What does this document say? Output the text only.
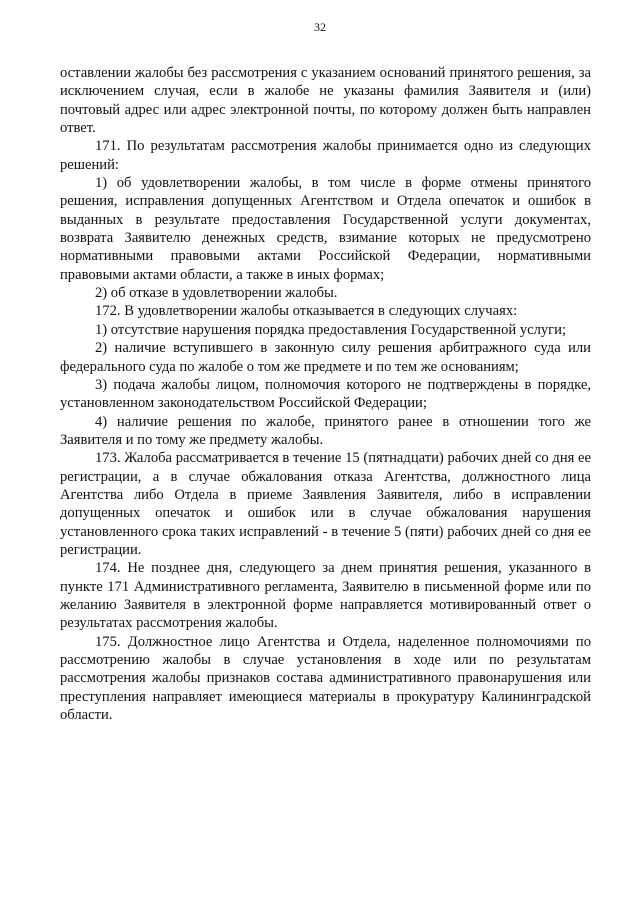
32

оставлении жалобы без рассмотрения с указанием оснований принятого решения, за исключением случая, если в жалобе не указаны фамилия Заявителя и (или) почтовый адрес или адрес электронной почты, по которому должен быть направлен ответ.

171. По результатам рассмотрения жалобы принимается одно из следующих решений:

1) об удовлетворении жалобы, в том числе в форме отмены принятого решения, исправления допущенных Агентством и Отдела опечаток и ошибок в выданных в результате предоставления Государственной услуги документах, возврата Заявителю денежных средств, взимание которых не предусмотрено нормативными правовыми актами Российской Федерации, нормативными правовыми актами области, а также в иных формах;

2) об отказе в удовлетворении жалобы.

172. В удовлетворении жалобы отказывается в следующих случаях:

1) отсутствие нарушения порядка предоставления Государственной услуги;

2) наличие вступившего в законную силу решения арбитражного суда или федерального суда по жалобе о том же предмете и по тем же основаниям;

3) подача жалобы лицом, полномочия которого не подтверждены в порядке, установленном законодательством Российской Федерации;

4) наличие решения по жалобе, принятого ранее в отношении того же Заявителя и по тому же предмету жалобы.

173. Жалоба рассматривается в течение 15 (пятнадцати) рабочих дней со дня ее регистрации, а в случае обжалования отказа Агентства, должностного лица Агентства либо Отдела в приеме Заявления Заявителя, либо в исправлении допущенных опечаток и ошибок или в случае обжалования нарушения установленного срока таких исправлений - в течение 5 (пяти) рабочих дней со дня ее регистрации.

174. Не позднее дня, следующего за днем принятия решения, указанного в пункте 171 Административного регламента, Заявителю в письменной форме или по желанию Заявителя в электронной форме направляется мотивированный ответ о результатах рассмотрения жалобы.

175. Должностное лицо Агентства и Отдела, наделенное полномочиями по рассмотрению жалобы в случае установления в ходе или по результатам рассмотрения жалобы признаков состава административного правонарушения или преступления направляет имеющиеся материалы в прокуратуру Калининградской области.
